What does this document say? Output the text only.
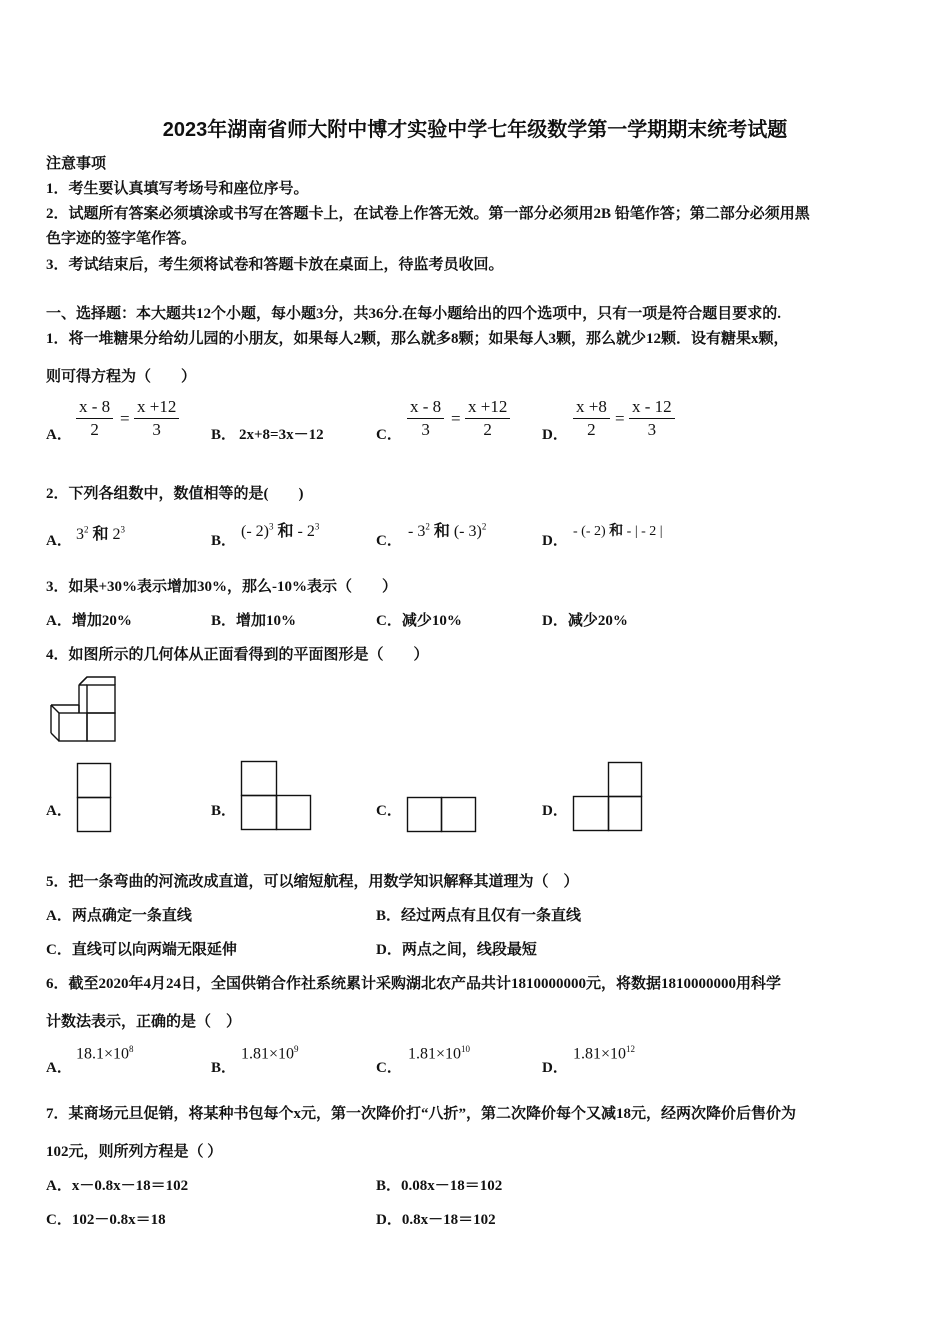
2023年湖南省师大附中博才实验中学七年级数学第一学期期末统考试题
注意事项
1．考生要认真填写考场号和座位序号。
2．试题所有答案必须填涂或书写在答题卡上，在试卷上作答无效。第一部分必须用2B 铅笔作答；第二部分必须用黑
色字迹的签字笔作答。
3．考试结束后，考生须将试卷和答题卡放在桌面上，待监考员收回。
一、选择题：本大题共12个小题，每小题3分，共36分.在每小题给出的四个选项中，只有一项是符合题目要求的.
1．将一堆糖果分给幼儿园的小朋友，如果每人2颗，那么就多8颗；如果每人3颗，那么就少12颗．设有糖果x颗，
则可得方程为（　　）
A． $\frac{x - 8}{2} = \frac{x +12}{3}$ B． 2x+8=3x－12	C． $\frac{x - 8}{3} = \frac{x +12}{2}$ D． $\frac{x +8}{2} = \frac{x - 12}{3}$
2．下列各组数中，数值相等的是(　　)
A． $3^2$ 和 $2^3$
B．
(- 2)$^3$ 和 - $2^3$
C．
- $3^2$ 和 (- 3)$^2$
D．
- (- 2) 和 - | - 2 |
3．如果+30%表示增加30%，那么-10%表示（　　）
A．增加20%	B．增加10%	C．减少10%	D．减少20%
4．如图所示的几何体从正面看得到的平面图形是（　　）
A．	B．	C．	D．
5．把一条弯曲的河流改成直道，可以缩短航程，用数学知识解释其道理为（　）
A．两点确定一条直线	B．经过两点有且仅有一条直线
C．直线可以向两端无限延伸	D．两点之间，线段最短
6．截至2020年4月24日，全国供销合作社系统累计采购湖北农产品共计1810000000元，将数据1810000000用科学
计数法表示，正确的是（　）
A．
$18.1\times 10^8$
B．
$1.81\times 10^9$
C．
$1.81\times 10^{10}$
D．
$1.81\times 10^{12}$
7．某商场元旦促销，将某种书包每个x元，第一次降价打“八折”，第二次降价每个又减18元，经两次降价后售价为
102元，则所列方程是（ ）
A．x－0.8x－18＝102	B．0.08x－18＝102
C．102－0.8x＝18	D．0.8x－18＝102
